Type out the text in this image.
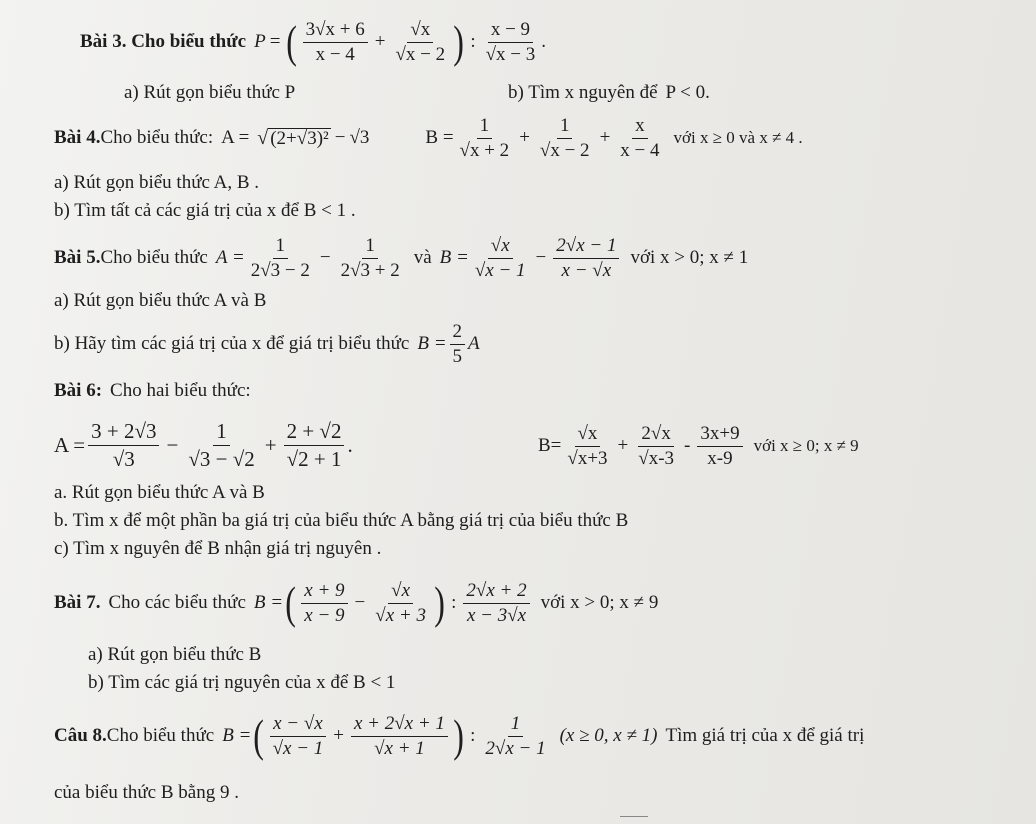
Bài 3. Cho biểu thức P = ( $\frac{3√x + 6}{x - 4} + \frac{√x}{√x - 2}$ ) : $\frac{x - 9}{√x - 3}$ .
a) Rút gọn biểu thức P	b) Tìm x nguyên để P < 0.
Bài 4. Cho biểu thức: A = √ (2+√3)² − √3	$B = \frac{1}{√x + 2} + \frac{1}{√x - 2} + \frac{x}{x - 4}$ với x ≥ 0 và x ≠ 4 .
a) Rút gọn biểu thức A, B .
b) Tìm tất cả các giá trị của x để B < 1 .
Bài 5. Cho biểu thức $A = \frac{1}{2√3 - 2} - \frac{1}{2√3 + 2}$ và $B = \frac{√x}{√x - 1} - \frac{2√x - 1}{x - √x}$ với x > 0; x ≠ 1
a) Rút gọn biểu thức A và B
b) Hãy tìm các giá trị của x để giá trị biểu thức $B = \frac{2}{5}$ A
Bài 6: Cho hai biểu thức:
$A = \frac{3 + 2√3}{√3} - \frac{1}{√3 - √2} + \frac{2 + √2}{√2 + 1}$ .	$B= \frac{√x}{√x+3} + \frac{2√x}{√x-3} - \frac{3x+9}{x-9}$ với x ≥ 0; x ≠ 9
a. Rút gọn biểu thức A và B
b. Tìm x để một phần ba giá trị của biểu thức A bằng giá trị của biểu thức B
c) Tìm x nguyên để B nhận giá trị nguyên .
Bài 7. Cho các biểu thức B = ( $\frac{x + 9}{x - 9} - \frac{√x}{√x + 3}$ ) : $\frac{2√x + 2}{x - 3√x}$ với x > 0; x ≠ 9
a) Rút gọn biểu thức B
b) Tìm các giá trị nguyên của x để B < 1
Câu 8. Cho biểu thức B = ( $\frac{x - √x}{√x - 1} + \frac{x + 2√x + 1}{√x + 1}$ ) : $\frac{1}{2√x - 1} (x \ge 0$, x ≠ 1) Tìm giá trị của x để giá trị
của biểu thức B bằng 9 .
